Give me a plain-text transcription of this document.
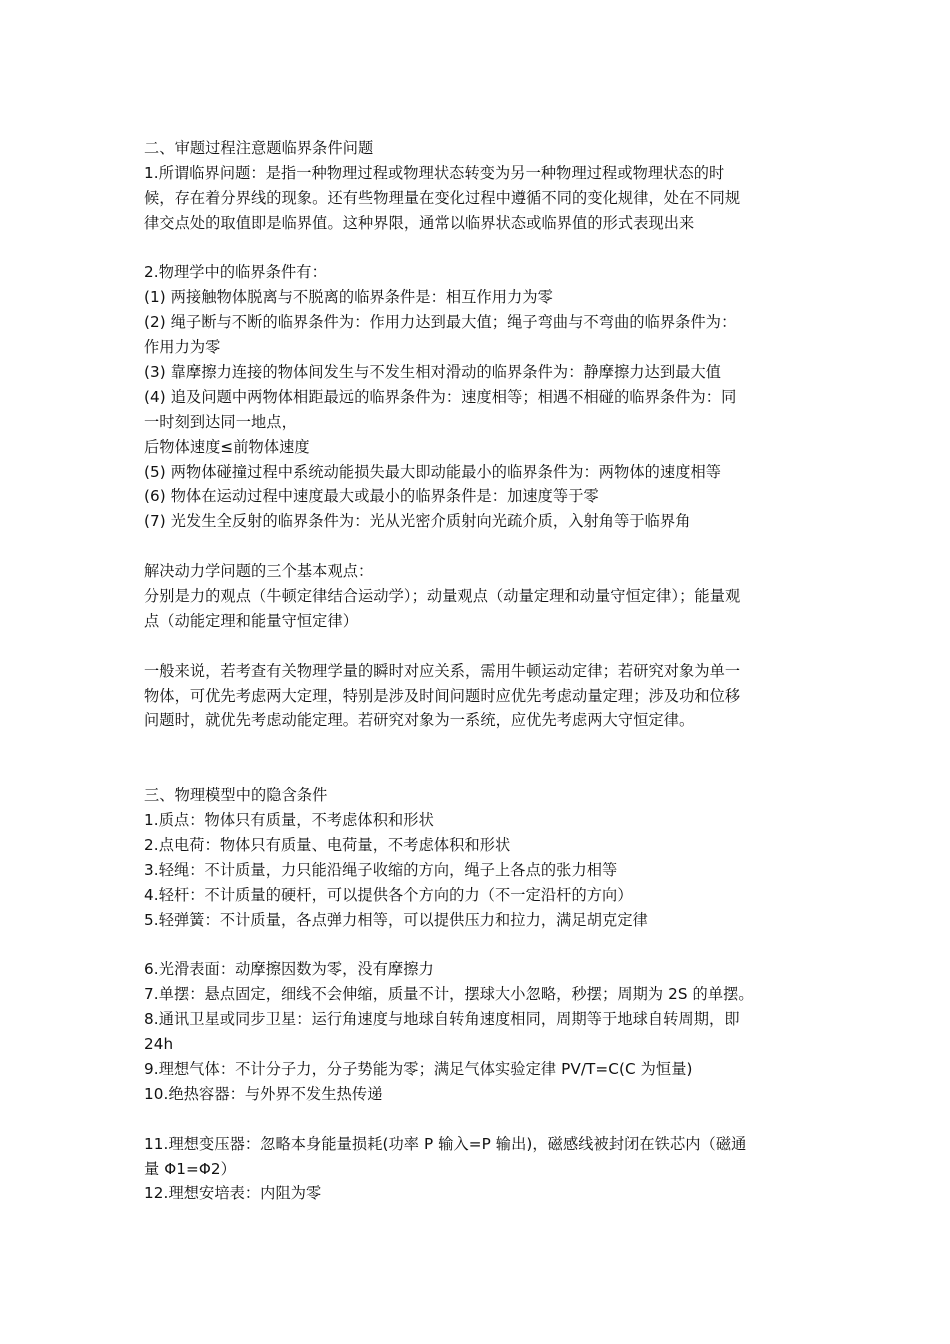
二、审题过程注意题临界条件问题
1.所谓临界问题：是指一种物理过程或物理状态转变为另一种物理过程或物理状态的时
候，存在着分界线的现象。还有些物理量在变化过程中遵循不同的变化规律，处在不同规
律交点处的取值即是临界值。这种界限，通常以临界状态或临界值的形式表现出来
2.物理学中的临界条件有：
(1) 两接触物体脱离与不脱离的临界条件是：相互作用力为零
(2) 绳子断与不断的临界条件为：作用力达到最大值；绳子弯曲与不弯曲的临界条件为：
作用力为零
(3) 靠摩擦力连接的物体间发生与不发生相对滑动的临界条件为：静摩擦力达到最大值
(4) 追及问题中两物体相距最远的临界条件为：速度相等；相遇不相碰的临界条件为：同
一时刻到达同一地点，
后物体速度≤前物体速度
(5) 两物体碰撞过程中系统动能损失最大即动能最小的临界条件为：两物体的速度相等
(6) 物体在运动过程中速度最大或最小的临界条件是：加速度等于零
(7) 光发生全反射的临界条件为：光从光密介质射向光疏介质，入射角等于临界角
解决动力学问题的三个基本观点：
分别是力的观点（牛顿定律结合运动学）；动量观点（动量定理和动量守恒定律）；能量观
点（动能定理和能量守恒定律）
一般来说，若考查有关物理学量的瞬时对应关系，需用牛顿运动定律；若研究对象为单一
物体，可优先考虑两大定理，特别是涉及时间问题时应优先考虑动量定理；涉及功和位移
问题时，就优先考虑动能定理。若研究对象为一系统，应优先考虑两大守恒定律。
三、物理模型中的隐含条件
1.质点：物体只有质量，不考虑体积和形状
2.点电荷：物体只有质量、电荷量，不考虑体积和形状
3.轻绳：不计质量，力只能沿绳子收缩的方向，绳子上各点的张力相等
4.轻杆：不计质量的硬杆，可以提供各个方向的力（不一定沿杆的方向）
5.轻弹簧：不计质量，各点弹力相等，可以提供压力和拉力，满足胡克定律
6.光滑表面：动摩擦因数为零，没有摩擦力
7.单摆：悬点固定，细线不会伸缩，质量不计，摆球大小忽略，秒摆；周期为 2S 的单摆。
8.通讯卫星或同步卫星：运行角速度与地球自转角速度相同，周期等于地球自转周期，即
24h
9.理想气体：不计分子力，分子势能为零；满足气体实验定律 PV/T=C(C 为恒量)
10.绝热容器：与外界不发生热传递
11.理想变压器：忽略本身能量损耗(功率 P 输入=P 输出)，磁感线被封闭在铁芯内（磁通
量 Φ1=Φ2）
12.理想安培表：内阻为零
